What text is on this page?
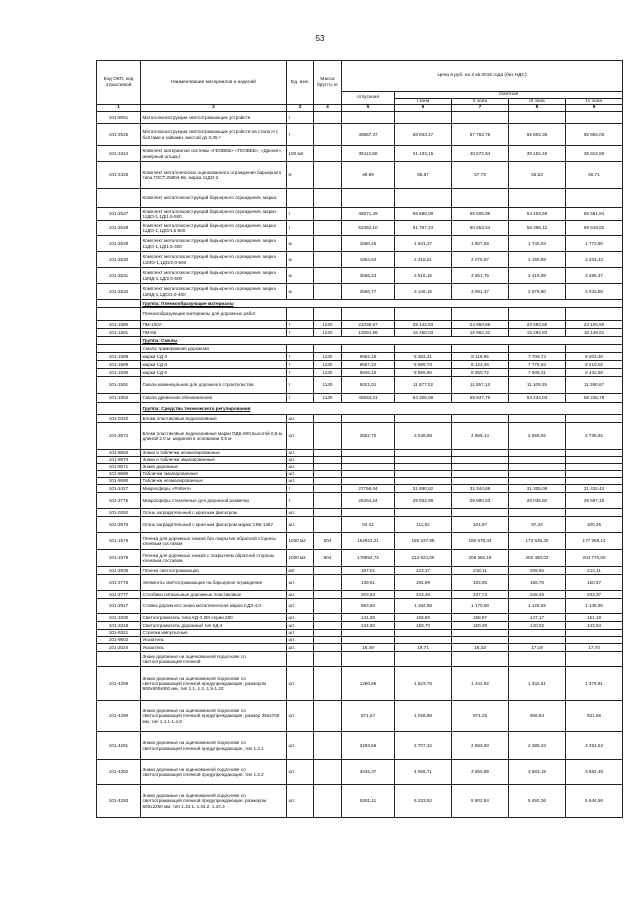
53
Код ОКП, код отраслевой	Наименование материалов и изделий	Ед. изм.	Масса брутто, кг	Цена в руб. на 2 кв 2015 года (без НДС)				
				отпускная	Сметная			
					I зона	II зона	III зона	IV зона
1	2	3	4	5	6	7	8	9
101-9051	Металлоконструкции светоотражающих устройств	т						
101-2526	Металлоконструкции светоотражающих устройств на стали Н с болтами и гайками, массой до 0,05 т	т		49867.37	58 843,47	57 763,78	55 804,38	56 684,00
101-3424	Комплект материалов системы «ГЕОВЕБ» «ГЕОВЕБ», «Дрениг», анкерный штырь)	100 м2		35112,88	41 433,15	40 672,94	39 152,46	39 912,80
101-2425	Комплект металлических оцинкованного ограждения барьерного типа ГОСТ 26804-86, марка 11ДО-2	кг		49.89	58,87	57,79	55,63	56,71
	Комплект металлоконструкций барьерного ограждения, марка:							
101-2527	Комплект металлоконструкций барьерного ограждения, марки 11ДО-1,1Д/1,5-500	т		46871,29	55 668,09	55 606,96	54 403,69	55 551,84
101-2528	Комплект металлоконструкций барьерного ограждения, марка 11ДО-1,1ДО/1,5-500	т		52362,10	61 767,24	60 653,54	58 396,12	59 519,82
101-2529	Комплект металлоконструкций барьерного ограждения, марка 11ДО-1,1Д/1,5-300	м		1560,46	1 841,37	1 807,58	1 740,03	1 773,80
101-2530	Комплект металлоконструкций барьерного ограждения, марка 11МО-1,1ДО/2,0-500	м		1964,84	2 318,51	2 275,97	2 190,88	2 233,43
101-2531	Комплект металлоконструкций барьерного ограждения, марка 11МД-1,1Д/2,0-500	м		3066,23	3 618,15	3 551,76	3 418,98	3 485,37
101-2532	Комплект металлоконструкций барьерного ограждения, марка 11МД-1,1ДО/2,0-400	м		2666,77	3 149,15	3 091,37	2 975,80	3 033,58
	Группа: Пленкообразующие материалы							
	Пленкообразующие материалы для дорожных работ							
101-1580	ПМ-100А	т	1220	21030,67	25 142,93	24 950,69	23 583,55	24 100,90
101-1581	ПМ-86	т	1220	13094,89	16 458,03	15 962,31	15 294,83	16 148,61
	Группа: Смолы							
	Смола тримерижная дорожная							
101-1588	марки СД-3	т	1130	6952,16	8 382,21	8 118,95	7 709,74	8 203,46
101-1589	марки СД-4	т	1130	6657,42	8 089,73	8 123,46	7 775,94	8 210,02
101-1590	марки СД-5	т	1130	6846,15	8 855,60	8 350,72	7 908,31	8 442,68
101-1591	Смола камеинульная для дорожного строительства	т	1130	8421,01	11 877,02	11 557,13	11 109,35	11 360,67
101-1592	Смола древесная обезвоженная	т	1130	45594,21	64 306,08	59 647,75	53 234,03	58 226,78
	Группа: Средства технического регулирования							
101-0320	Блоки пластиковые водоналивные	шт.						
101-3972	Блоки пластиковые водоналивные марки ПДБ-800 высотой 0,8 м, длиной 2,0 м, шириной в основании 0,5 м	шт.		2552,70	3 048,68	2 868,14	2 659,92	2 738,92
101-9560	Знаки и таблички неэмалированные	шт.						
101-9570	Знаки и таблички эмалированные	шт.						
101-9571	Знаки дорожные	шт.						
101-9690	Таблички эмалированные	шт.						
101-9590	Таблички неэмалированные	шт.						
101-2427	Микросферы «Potters»	т		27758,04	31 890,62	31 344,69	31 305,08	31 432,42
101-2775	Микросферы стеклянные для дорожной разметки	т		25254,24	29 832,99	28 890,53	28 035,92	28 597,18
101-0292	Огонь заградительный с красным фильтром	шт.						
101-3979	Огонь заградительный с красным фильтром марки СКБ-1487	шт.		93.42	111,62	104,97	97,34	100,25
101-1578	Пленка для дорожных знаков без покрытия обратной стороны клеевым составом	1000 м2	504	154921,21	185 037,88	180 679,34	173 635,40	177 368,14
101-1579	Пленка для дорожных знаков с покрытием обратной стороны клеевым составом	1000 м2	504	178854,72	213 624,06	208 592,18	200 460,03	204 770,50
101-2936	Пленка светоотражающая	м2		187,01	223,37	218,11	209,60	214,11
101-2776	Элементы светоотражающие на барьерное ограждение	шт.		139,81	165,99	163,06	156,70	160,67
101-2777	Столбики сигнальные дорожные пластиковые	шт.		203,83	243,46	237,73	228,46	233,37
101-2917	Стойка дорожного знака металлическая марка СДЗ-4,0	шт.		993,50	1 192,58	1 170,68	1 126,92	1 148,80
101-3200	Светоотражатель типа КД-3 ЗМ серии 290	шт.		141,36	166,80	158,97	147,17	151,18
101-3318	Светоотражатель дорожный тип КД-4	шт.		134,50	158,70	150,39	140,02	143,84
101-9321	Стрелки импульсные	шт.						
101-9602	Указатель	шт.						
101-2024	Указатель	шт.		16,49	19,71	18,33	17,19	17,70
	Знаки дорожные на оцинкованной подоснове со светоотражающей пленкой							
101-4289	Знаки дорожные на оцинкованной подоснове со светоотражающей пленкой предупреждающие, размером 900х900х900 мм, тип 1.1, 1.2, 1.5-1.33	шт.		1290,86	1 523,78	1 442,92	1 342,61	1 379,81
101-4290	Знаки дорожные на оцинкованной подоснове со светоотражающей пленкой предупреждающие, размер 350х700 мм, тип 1.4.1-1.4.6	шт.		871,67	1 028,88	974,25	906,54	931,66
101-4291	Знаки дорожные на оцинкованной подоснове со светоотражающей пленкой предупреждающие, тип 1.3.1	шт.		2293,66	2 707,32	2 563,60	2 385,43	2 451,54
101-4292	Знаки дорожные на оцинкованной подоснове со светоотражающей пленкой предупреждающие, тип 1.3.2	шт.		3445,37	4 066,71	3 850,89	3 583,19	3 682,49
101-4293	Знаки дорожные на оцинкованной подоснове со светоотражающей пленкой предупреждающие, размером 500х2250 мм, тип 1.34.1, 1.34.2, 1.34.3	шт.		5281,11	6 233,52	5 902,84	5 492,36	5 644,56
